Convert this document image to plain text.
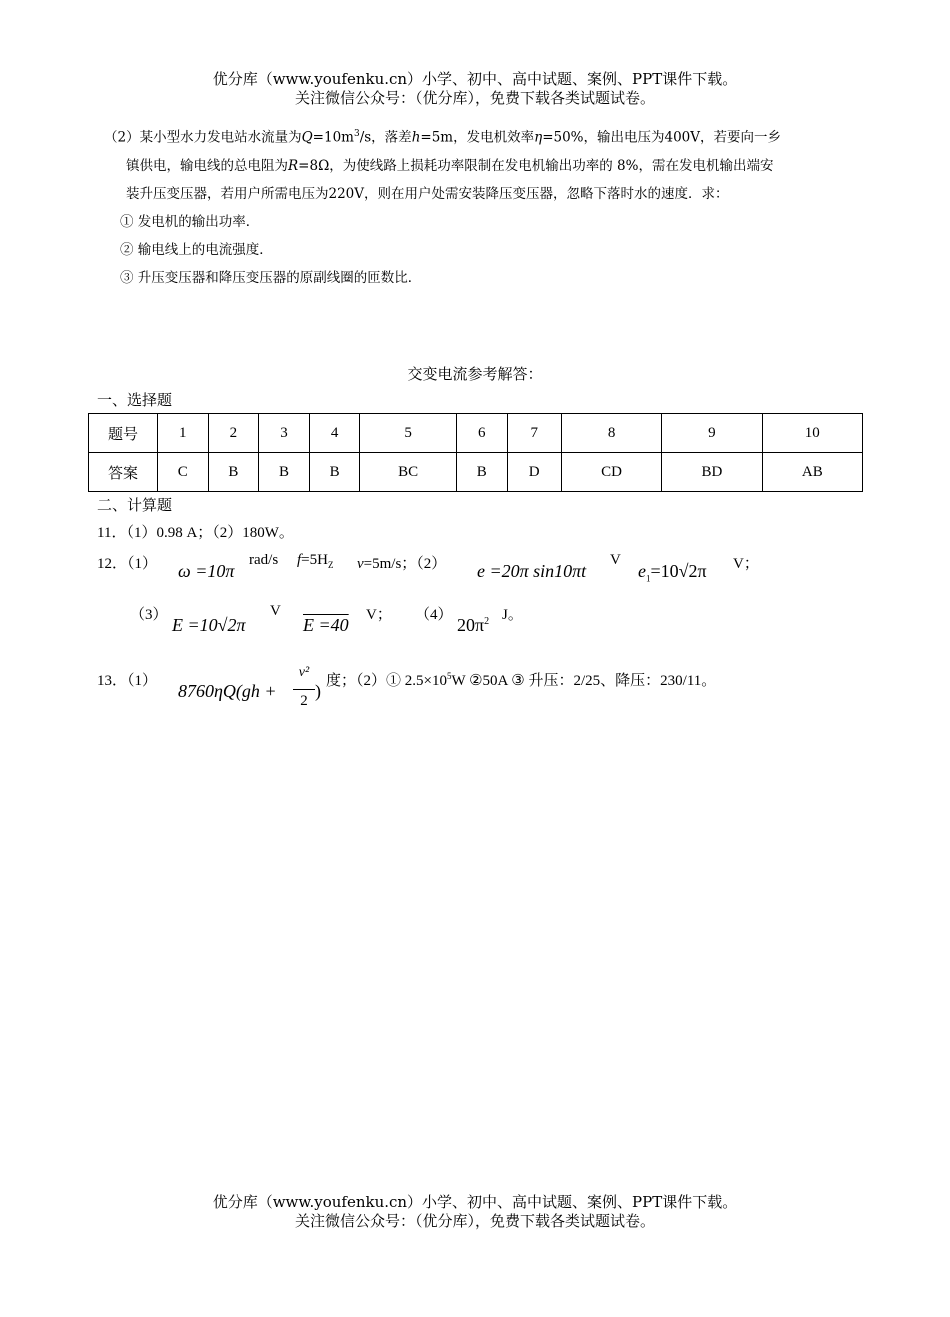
优分库（www.youfenku.cn）小学、初中、高中试题、案例、PPT课件下载。
关注微信公众号：（优分库），免费下载各类试题试卷。
（2）某小型水力发电站水流量为$Q=10m^3/s$，落差h=5m，发电机效率η=50%，输出电压为400V，若要向一乡
镇供电，输电线的总电阻为R=8Ω，为使线路上损耗功率限制在发电机输出功率的 8%，需在发电机输出端安
装升压变压器，若用户所需电压为220V，则在用户处需安装降压变压器，忽略下落时水的速度．求：
① 发电机的输出功率．
② 输电线上的电流强度．
③ 升压变压器和降压变压器的原副线圈的匝数比．
交变电流参考解答：
一、选择题
题号	1	2	3	4	5	6	7	8	9	10
答案	C	B	B	B	BC	B	D	CD	BD	AB
二、计算题
11．（1）0.98 A；（2）180W。
12．（1） ω =10π
rad/s $f=5H_Z$ v=5m/s；（2） e =20π sin10πt
V
$e_1=10√2\pi$ V；
（3） E =10√2π
V
E =40 V； （4） $20\pi^2$ J。
13．（1） 8760ηQ(gh +
v²
2 ) 度；（2）① $2.5\times 10^5W$ ②50A ③ 升压：2/25、降压：230/11。
优分库（www.youfenku.cn）小学、初中、高中试题、案例、PPT课件下载。
关注微信公众号：（优分库），免费下载各类试题试卷。
